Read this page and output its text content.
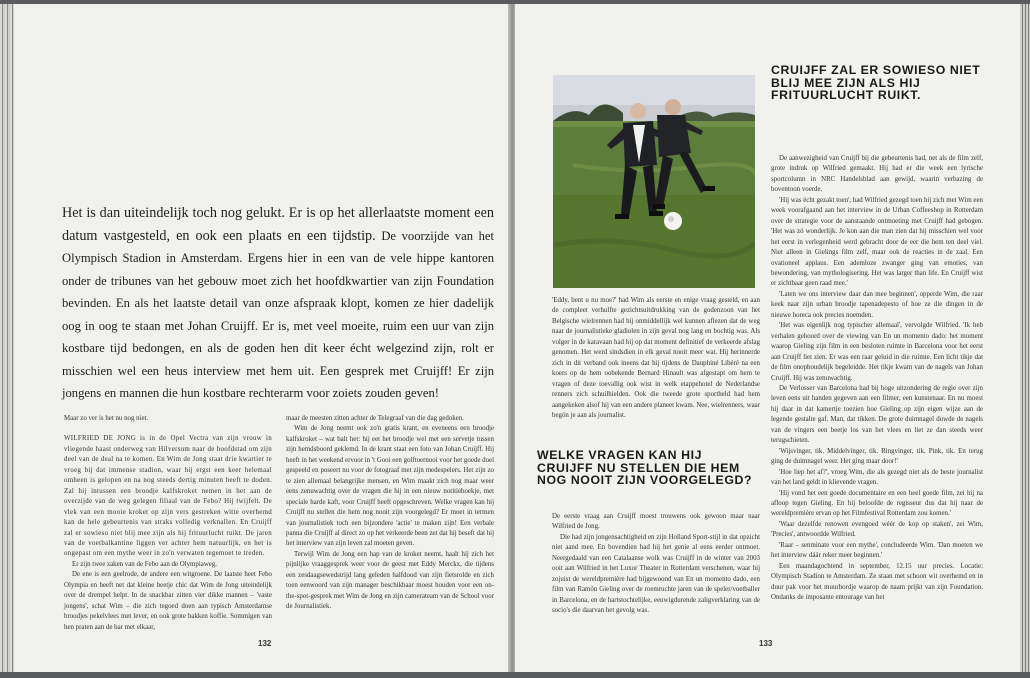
Het is dan uiteindelijk toch nog gelukt. Er is op het allerlaatste moment een datum vastgesteld, en ook een plaats en een tijdstip. De voorzijde van het Olympisch Stadion in Amsterdam. Ergens hier in een van de vele hippe kantoren onder de tribunes van het gebouw moet zich het hoofdkwartier van zijn Foundation bevinden. En als het laatste detail van onze afspraak klopt, komen ze hier dadelijk oog in oog te staan met Johan Cruijff. Er is, met veel moeite, ruim een uur van zijn kostbare tijd bedongen, en als de goden hen dit keer écht welgezind zijn, rolt er misschien wel een heus interview met hem uit. Een gesprek met Cruijff! Er zijn jongens en mannen die hun kostbare rechterarm voor zoiets zouden geven!

Maar zo ver is het nu nog niet.

WILFRIED DE JONG is in de Opel Vectra van zijn vrouw in vliegende haast onderweg van Hilversum naar de hoofdstad om zijn deel van de deal na te komen. En Wim de Jong staat drie kwartier te vroeg bij dat immense stadion, waar hij ergst een keer helemaal omheen is gelopen en na nog steeds dertig minuten heeft te doden. Zal hij intussen een broodje kalfskroket nemen in het aan de overzijde van de weg gelegen filiaal van de Febo? Hij twijfelt. De vlek van een mooie kroket op zijn vers gestreken witte overhemd kan de hele gebeurtenis van straks volledig verknallen. En Cruijff zal er sowieso niet blij mee zijn als hij frituurlucht ruikt. De jaren van de voetbalkantine liggen ver achter hem natuurlijk, en het is ongepast om een mythe weer in zo'n verwaten tegemoet te treden.

Er zijn twee zaken van de Febo aan de Olympiaweg.

De ene is een geelrode, de andere een witgroene. De laatste heet Febo Olympia en heeft net dat kleine beetje chic dat Wim de Jong uiteindelijk over de drempel helpt. In de snackbar zitten vier dikke mannen – 'vaste jongens', schat Wim – die zich tegoed doen aan typisch Amsterdamse broodjes pekelvlees met lever, en ook grote bakken koffie. Sommigen van hen praten aan de bar met elkaar,

maar de meesten zitten achter de Telegraaf van die dag gedoken.

Wim de Jong neemt ook zo'n gratis krant, en eveneens een broodje kalfskroket – wat balt het: hij eet het broodje wel met een servetje tussen zijn hemdsboord geklemd. In de krant staat een foto van Johan Cruijff. Hij heeft in het weekend ervoor in 't Gooi een golftoernooi voor het goede doel gespeeld en poseert nu voor de fotograaf met zijn medespelers. Het zijn zo te zien allemaal belangrijke mensen, en Wim maakt zich nog maar weer eens zenuwachtig over de vragen die hij in een nieuw notitieboekje, met speciale harde kaft, voor Cruijff heeft opgeschreven. Welke vragen kan hij Cruijff nu stellen die hem nog nooit zijn voorgelegd? Er moet in termen van journalistiek toch een bijzondere 'actie' te maken zijn! Een verbale panna die Cruijff al direct zo op het verkeerde been zet dat hij beseft dat hij het interview van zijn leven zal moeten geven.

Terwijl Wim de Jong een hap van de kroket neemt, haalt hij zich het pijnlijke vraaggesprek weer voor de geest met Eddy Merckx, die tijdens een zesdaagsewedstrijd lang geleden halfdood van zijn fietsrolde en zich toen eenwoord van zijn manager beschikbaar moest houden voor een on-the-spot-gesprek met Wim de Jong en zijn camerateam van de School voor de Journalistiek.

132
CRUIJFF ZAL ER SOWIESO NIET BLIJ MEE ZIJN ALS HIJ FRITUURLUCHT RUIKT.

'Eddy, bent u nu moe?' had Wim als eerste en enige vraag gesteld, en aan de compleet verhulfte gezichtsuitdrukking van de godenzoon van het Belgische wielrennen had hij onmiddellijk wel kunnen aflezen dat de weg naar de journalistieke gladiolen in zijn geval nog lang en bochtig was. Als volger in de karavaan had hij op dat moment definitief de verkeerde afslag genomen. Het werd sindsdien in elk geval nooit meer wat. Hij herinnerde zich in dit verband ook ineens dat hij tijdens de Dauphiné Libéré na een koers op de hem oobekende Bernard Hinault was afgestapt om hem te vragen of deze toevallig ook wist in welk etappehotel de Nederlandse renners zich schuilhielden. Ook die tweede grote sportheld had hem aangekeken alsof hij van een andere planeet kwam. Nee, wielrenners, waar begön je aan als journalist.

WELKE VRAGEN KAN HIJ CRUIJFF NU STELLEN DIE HEM NOG NOOIT ZIJN VOORGELEGD?

De eerste vraag aan Cruijff moest trouwens ook gewoon maar naar Wilfried de Jong.

Die had zijn jongensachtigheid en zijn Holland Sport-stijl in dat opzicht niet aand mee. En bovendien had hij het genie al eens eerder ontmoet. Neergedaald van een Catalaanse wolk was Cruijff in de winter van 2003 ooit aan Wilfried in het Luxor Theater in Rotterdam verschenen, waar hij zojuist de wereldpremière had bijgewoond van En un momento dado, een film van Ramón Gieling over de roemruchte jaren van de speler/voetballer in Barcelona, en de hartstochtelijke, eeuwigdurende zaligverklaring van de socio's die daarvan het gevolg was.

De aanwezigheid van Cruijff bij die gebeurtenis had, net als de film zelf, grote indruk op Wilfried gemaakt. Hij had er die week een lyrische sportcolumn in NRC Handelsblad aan gewijd, waarin verbazing de boventoon voerde.

'Hij was écht gezakt toen', had Wilfried gezegd toen hij zich met Wim een week voorafgaand aan het interview in de Urban Coffeeshop in Rotterdam over de strategie voor de aanstaande ontmoeting met Cruijff had gebogen. 'Het was zó wonderlijk. Je kon aan die man zien dat hij misschien wel voor het eerst in verlegenheid werd gebracht door de eer die hem ten deel viel. Niet alleen in Gielings film zelf, maar ook de reacties in de zaal. Een ovationeel applaus. Een ademloze zwanger ging van emoties, van bewondering, van mythologisering. Het was larger than life. En Cruijff wist er zichtbaar geen raad mee.'

'Laten we ons interview daar dan mee beginnen', opperde Wim, die raar keek naar zijn urban broodje tapenadepesto of hoe ze die dingen in de nieuwe horeca ook precies noemden.

'Het was eigenlijk nog typischer allemaal', vervolgde Wilfried. 'Ik heb verhalen gehoord over de viewing van En un momento dado: het moment waarop Gieling zijn film in een besloten ruimte in Barcelona voor het eerst aan Cruijff liet zien. Er was een raar geluid in die ruimte. Een licht tikje dat de film onophoudelijk begeleidde. Het tikje kwam van de nagels van Johan Cruijff. Hij was zenuwachtig.

De Verlosser van Barcelona had bij hoge uitzondering de regie over zijn leven eens uit handen gegeven aan een filmer, een kunstenaar. En nu moest hij daar in dat kamertje toezien hoe Gieling op zijn eigen wijze aan de legende gestalte gaf. Man, dat tikken. De grote duimnagel duwde de nagels van de vingers een beetje los van het vlees en liet ze dan steeds weer terugschieten.

'Wijsvinger, tik. Middelvinger, tik. Ringvinger, tik. Pink, tik. En terug ging de duimnagel weer. Het ging maar door!'

'Hoe liep het af?', vroeg Wim, die als gezegd niet als de beste journalist van het land geldt in klievende vragen.

'Hij vond het een goede documentaire en een heel goede film, zei hij na afloop tegen Gieling. En hij beloofde de regisseur dus dat hij naar de wereldpremière ervan op het Filmfestival Rotterdam zou komen.'

'Waar dezelfde renowen evengoed wéér de kop op staken', zei Wim, 'Precies', antwoordde Wilfried.

'Raar – senminate voor een mythe', concludeerde Wim. 'Dan moeten we het interview dáár reker meer beginnen.'

Een maandagochtend in september, 12.15 uur precies. Locatie: Olympisch Stadion te Amsterdam. Ze staan met schoon wit overhemd en in duur pak voor het muurbordje waarop de naam prijkt van zijn Foundation. Ondanks de imposante entourage van het

133
